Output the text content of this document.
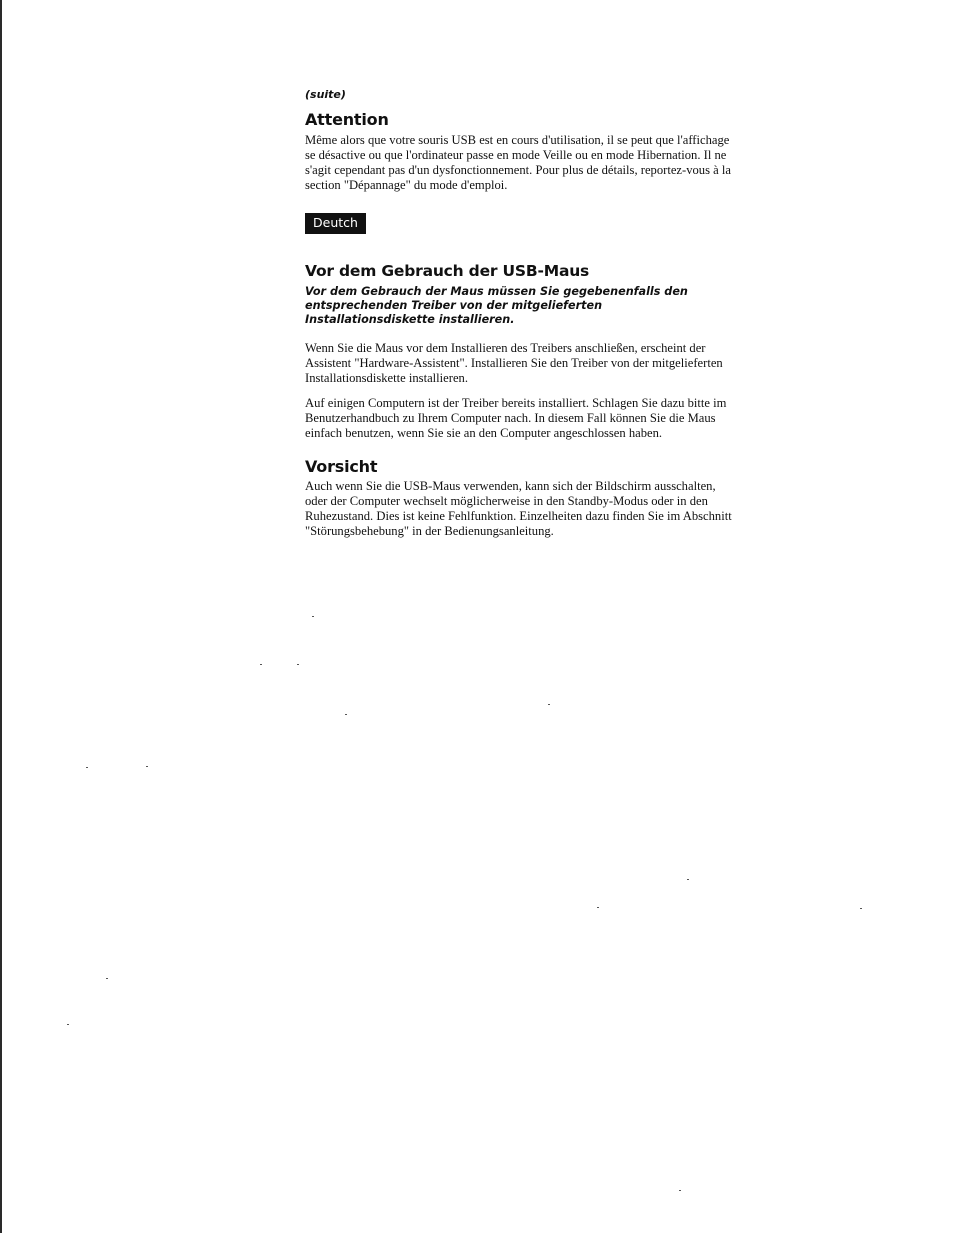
(suite)

Attention

Même alors que votre souris USB est en cours d'utilisation, il se peut que l'affichage se désactive ou que l'ordinateur passe en mode Veille ou en mode Hibernation. Il ne s'agit cependant pas d'un dysfonctionnement. Pour plus de détails, reportez-vous à la section "Dépannage" du mode d'emploi.

Deutch
Vor dem Gebrauch der USB-Maus

Vor dem Gebrauch der Maus müssen Sie gegebenenfalls den entsprechenden Treiber von der mitgelieferten Installationsdiskette installieren.

Wenn Sie die Maus vor dem Installieren des Treibers anschließen, erscheint der Assistent "Hardware-Assistent". Installieren Sie den Treiber von der mitgelieferten Installationsdiskette installieren.

Auf einigen Computern ist der Treiber bereits installiert. Schlagen Sie dazu bitte im Benutzerhandbuch zu Ihrem Computer nach. In diesem Fall können Sie die Maus einfach benutzen, wenn Sie sie an den Computer angeschlossen haben.

Vorsicht

Auch wenn Sie die USB-Maus verwenden, kann sich der Bildschirm ausschalten, oder der Computer wechselt möglicherweise in den Standby-Modus oder in den Ruhezustand. Dies ist keine Fehlfunktion. Einzelheiten dazu finden Sie im Abschnitt "Störungsbehebung" in der Bedienungsanleitung.
